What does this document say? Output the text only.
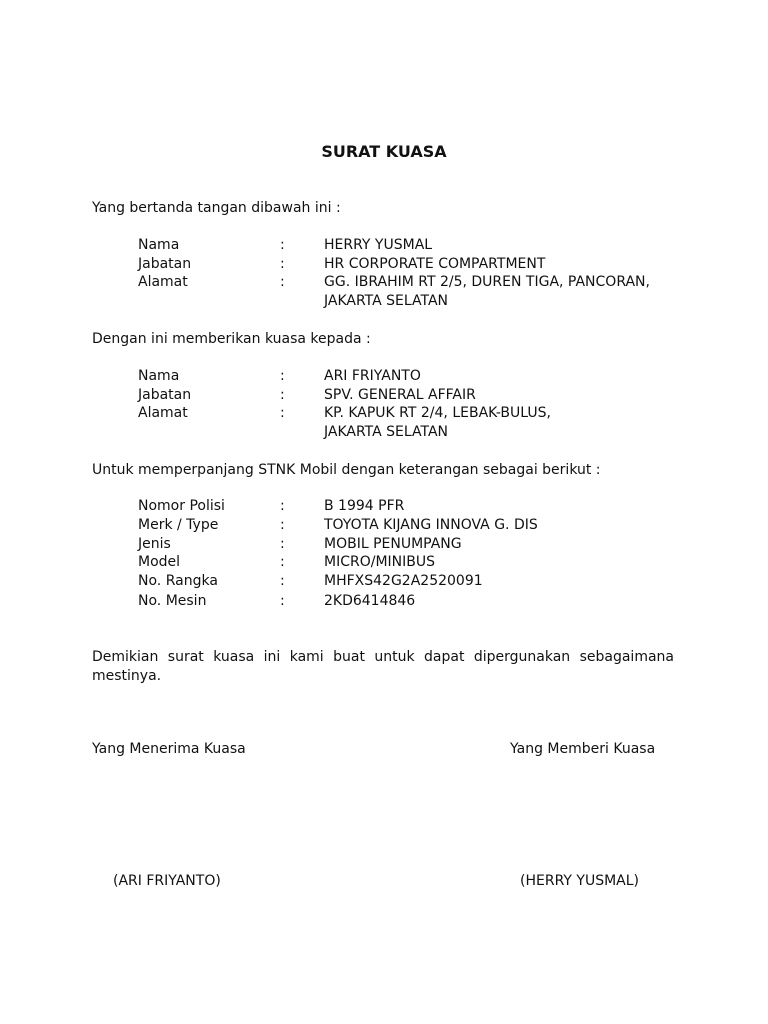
SURAT KUASA
Yang bertanda tangan dibawah ini :
Nama	:	HERRY YUSMAL
Jabatan	:	HR CORPORATE COMPARTMENT
Alamat	:	GG. IBRAHIM RT 2/5, DUREN TIGA, PANCORAN,
JAKARTA SELATAN
Dengan ini memberikan kuasa kepada :
Nama	:	ARI FRIYANTO
Jabatan	:	SPV. GENERAL AFFAIR
Alamat	:	KP. KAPUK RT 2/4, LEBAK-BULUS,
JAKARTA SELATAN
Untuk memperpanjang STNK Mobil dengan keterangan sebagai berikut :
Nomor Polisi	:	B 1994 PFR
Merk / Type	:	TOYOTA KIJANG INNOVA G. DIS
Jenis	:	MOBIL PENUMPANG
Model	:	MICRO/MINIBUS
No. Rangka	:	MHFXS42G2A2520091
No. Mesin	:	2KD6414846
Demikian surat kuasa ini kami buat untuk dapat dipergunakan sebagaimana mestinya.
Yang Menerima Kuasa	Yang Memberi Kuasa
(ARI FRIYANTO)	(HERRY YUSMAL)
